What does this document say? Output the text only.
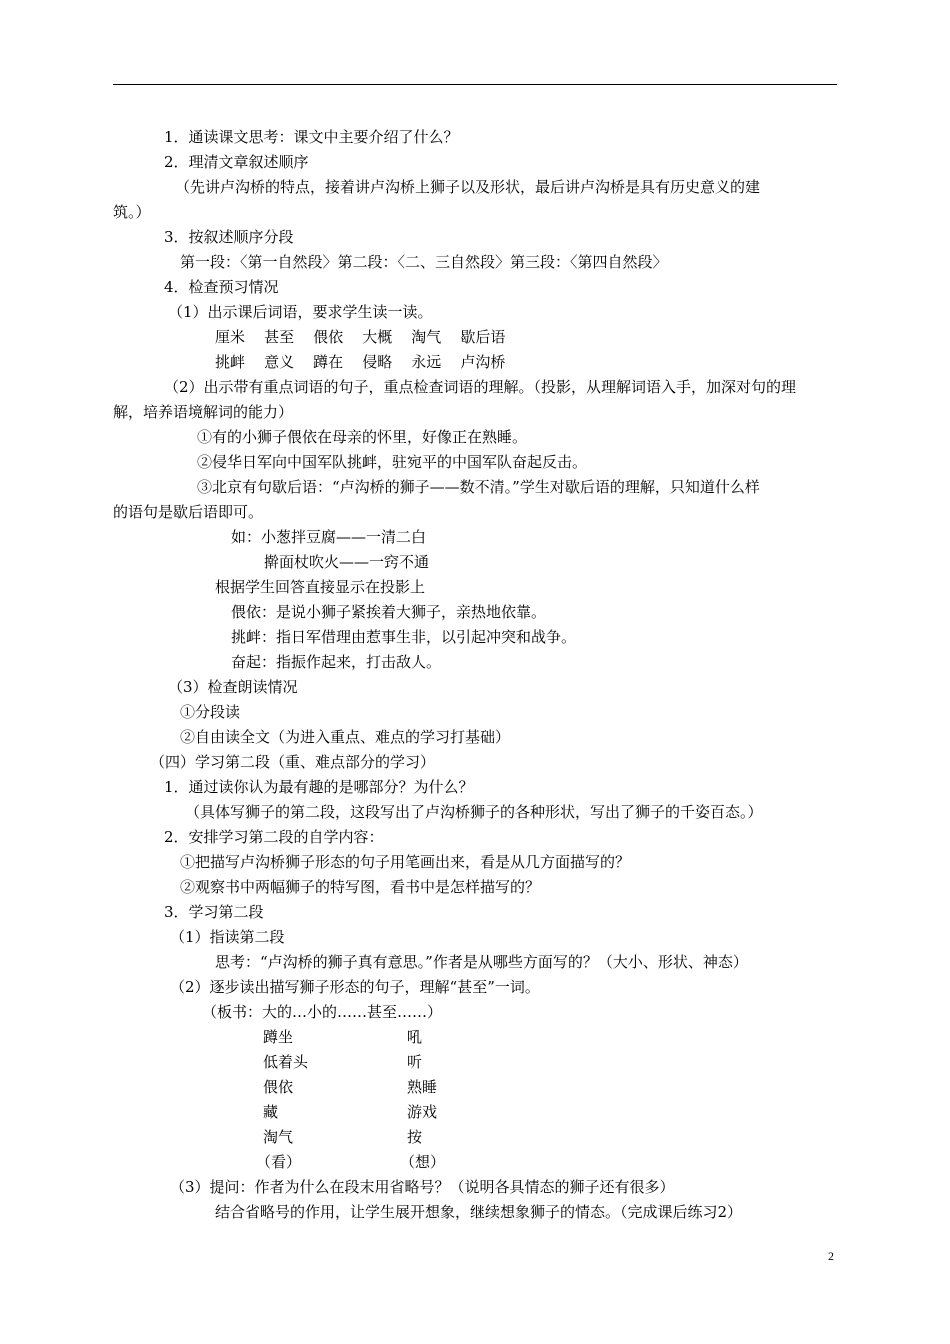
1．通读课文思考：课文中主要介绍了什么？
2．理清文章叙述顺序
（先讲卢沟桥的特点，接着讲卢沟桥上狮子以及形状，最后讲卢沟桥是具有历史意义的建
筑。）
3．按叙述顺序分段
第一段：〈第一自然段〉第二段：〈二、三自然段〉第三段：〈第四自然段〉
4．检查预习情况
（1）出示课后词语，要求学生读一读。
厘米    甚至    偎依    大概    淘气    歇后语
挑衅    意义    蹲在    侵略    永远    卢沟桥
（2）出示带有重点词语的句子，重点检查词语的理解。（投影，从理解词语入手，加深对句的理
解，培养语境解词的能力）
①有的小狮子偎依在母亲的怀里，好像正在熟睡。
②侵华日军向中国军队挑衅，驻宛平的中国军队奋起反击。
③北京有句歇后语：“卢沟桥的狮子——数不清。”学生对歇后语的理解，只知道什么样
的语句是歇后语即可。
如：小葱拌豆腐——一清二白
擀面杖吹火——一窍不通
根据学生回答直接显示在投影上
偎依：是说小狮子紧挨着大狮子，亲热地依靠。
挑衅：指日军借理由惹事生非，以引起冲突和战争。
奋起：指振作起来，打击敌人。
（3）检查朗读情况
①分段读
②自由读全文（为进入重点、难点的学习打基础）
（四）学习第二段（重、难点部分的学习）
1．通过读你认为最有趣的是哪部分？为什么？
（具体写狮子的第二段，这段写出了卢沟桥狮子的各种形状，写出了狮子的千姿百态。）
2．安排学习第二段的自学内容：
①把描写卢沟桥狮子形态的句子用笔画出来，看是从几方面描写的？
②观察书中两幅狮子的特写图，看书中是怎样描写的？
3．学习第二段
（1）指读第二段
思考：“卢沟桥的狮子真有意思。”作者是从哪些方面写的？（大小、形状、神态）
（2）逐步读出描写狮子形态的句子，理解“甚至”一词。
（板书：大的…小的……甚至……）
蹲坐	吼
低着头	听
偎依	熟睡
藏	游戏
淘气	按
（看）	（想）
（3）提问：作者为什么在段末用省略号？（说明各具情态的狮子还有很多）
结合省略号的作用，让学生展开想象，继续想象狮子的情态。（完成课后练习2）
2
